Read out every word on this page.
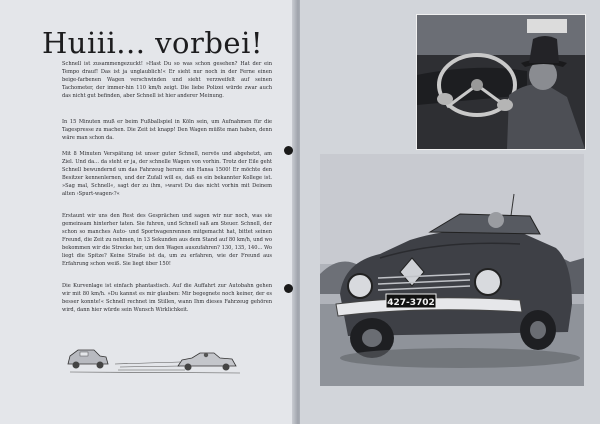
Huiii... vorbei!
Schnell ist zusammengezuckt! »Hast Du so was schon gesehen? Hat der ein Tempo drauf! Das ist ja unglaublich!« Er sieht nur noch in der Ferne einen beige-farbenen Wagen verschwinden und sieht verzweifelt auf seinen Tachometer, der immer-hin 110 km/h zeigt. Die liebe Polizei würde zwar auch das nicht gut befinden, aber Schnell ist hier anderer Meinung.
In 15 Minuten muß er beim Fußballspiel in Köln sein, um Aufnahmen für die Tagespresse zu machen. Die Zeit ist knapp! Den Wagen müßte man haben, denn wäre man schon da.
Mit 8 Minuten Verspätung ist unser guter Schnell, nervös und abgehetzt, am Ziel. Und da... da steht er ja, der schnelle Wagen von vorhin. Trotz der Eile geht Schnell bewundernd um das Fahrzeug herum: ein Hansa 1500! Er möchte den Besitzer kennenlernen, und der Zufall will es, daß es ein bekannter Kollege ist. »Sag mal, Schnell«, sagt der zu ihm, »warst Du das nicht vorhin mit Deinem alten ›Spurt-wagen‹?«
Erstaunt wir uns den Rest des Gesprächen und sagen wir nur noch, was sie gemeinsam hinterher taten. Sie fuhren, und Schnell saß am Steuer. Schnell, der schon so manches Auto- und Sportwagenrennen mitgemacht hat, bittet seinen Freund, die Zeit zu nehmen, in 13 Sekunden aus dem Stand auf 80 km/h, und wo bekommen wir die Strecke her, um den Wagen auszufahren? 130, 135, 140... Wo liegt die Spitze? Keine Straße ist da, um zu erfahren, wie der Freund aus Erfahrung schon weiß. Sie liegt über 150!
Die Kurvenlage ist einfach phantastisch. Auf die Auffahrt zur Autobahn gehen wir mit 80 km/h. »Du kannst es mir glauben: Mir begegnete noch keiner, der es besser konnte!« Schnell rechnet im Stillen, wann Ihm dieses Fahrzeug gehören wird, dann hier würde sein Wunsch Wirklichkeit.
427-3702
